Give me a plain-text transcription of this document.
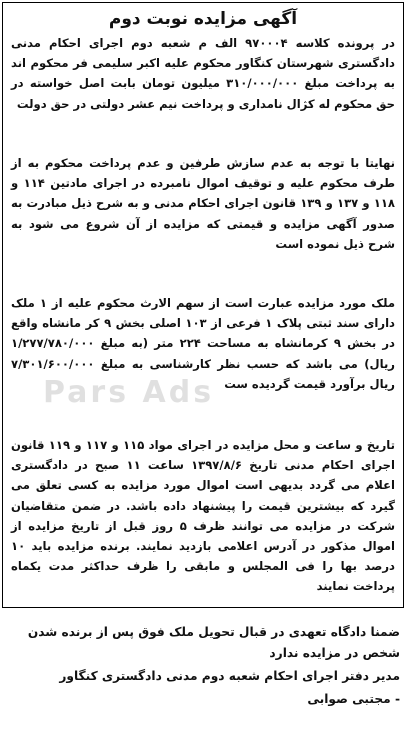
آگهی مزایده نوبت دوم
در پرونده کلاسه ۹۷۰۰۰۴ الف م شعبه دوم اجرای احکام مدنی دادگستری شهرستان کنگاور محکوم علیه اکبر سلیمی فر محکوم اند به پرداخت مبلغ ۳۱۰/۰۰۰/۰۰۰ میلیون تومان بابت اصل خواسته در حق محکوم له کژال نامداری و پرداخت نیم عشر دولتی در حق دولت
نهایتا با توجه به عدم سازش طرفین و عدم پرداخت محکوم به از طرف محکوم علیه و توقیف اموال نامبرده در اجرای مادتین ۱۱۴ و ۱۱۸ و ۱۳۷ و ۱۳۹ قانون اجرای احکام مدنی و به شرح ذیل مبادرت به صدور آگهی مزایده و قیمتی که مزایده از آن شروع می شود به شرح ذیل نموده است
ملک مورد مزایده عبارت است از سهم الارث محکوم علیه از ۱ ملک دارای سند ثبتی پلاک ۱ فرعی از ۱۰۳ اصلی بخش ۹ کر مانشاه واقع در بخش ۹ کرمانشاه به مساحت ۲۲۴ متر (به مبلغ ۱/۲۷۷/۷۸۰/۰۰۰ ریال) می باشد که حسب نظر کارشناسی به مبلغ ۷/۳۰۱/۶۰۰/۰۰۰ ریال برآورد قیمت گردیده ست
Pars Ads
تاریخ و ساعت و محل مزایده در اجرای مواد ۱۱۵ و ۱۱۷ و ۱۱۹ قانون اجرای احکام مدنی تاریخ ۱۳۹۷/۸/۶ ساعت ۱۱ صبح در دادگستری اعلام می گردد بدیهی است اموال مورد مزایده به کسی تعلق می گیرد که بیشترین قیمت را پیشنهاد داده باشد. در ضمن متقاضیان شرکت در مزایده می توانند ظرف ۵ روز قبل از تاریخ مزایده از اموال مذکور در آدرس اعلامی بازدید نمایند. برنده مزایده باید ۱۰ درصد بها را فی المجلس و مابقی را ظرف حداکثر مدت یکماه پرداخت نمایند

ضمنا دادگاه تعهدی در قبال تحویل ملک فوق پس از برنده شدن شخص در مزایده ندارد

مدیر دفتر اجرای احکام شعبه دوم مدنی دادگستری کنگاور

- مجتبی صوابی
